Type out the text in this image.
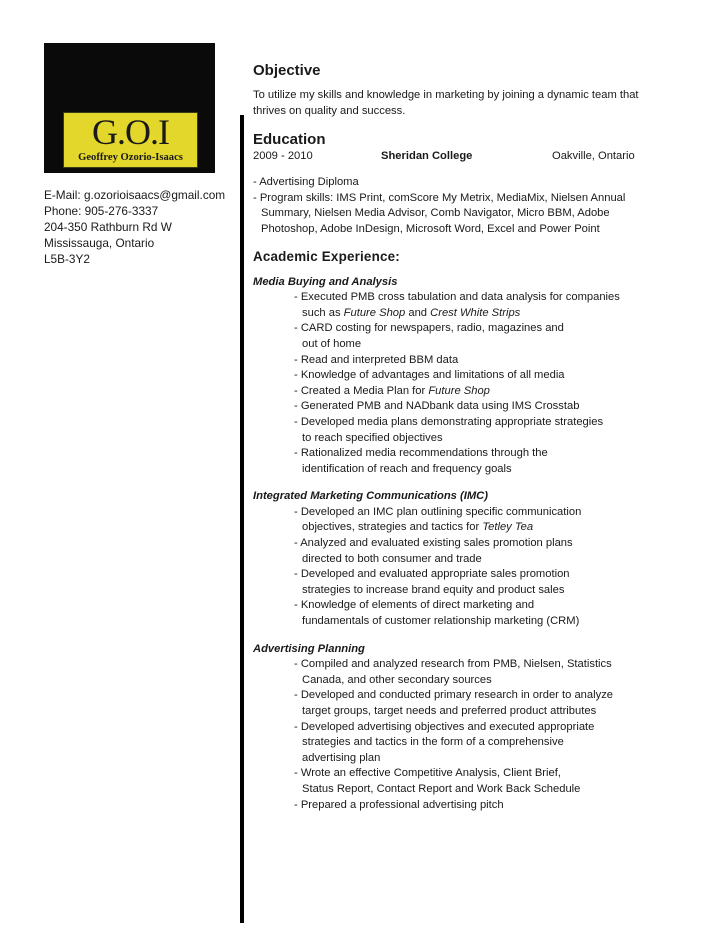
G.O.I
Geoffrey Ozorio-Isaacs
E-Mail: g.ozorioisaacs@gmail.com
Phone: 905-276-3337
204-350 Rathburn Rd W
Mississauga, Ontario
L5B-3Y2
Objective
To utilize my skills and knowledge in marketing by joining a dynamic team that
thrives on quality and success.
Education
2009 - 2010	Sheridan College	Oakville, Ontario
- Advertising Diploma
- Program skills: IMS Print, comScore My Metrix, MediaMix, Nielsen Annual
Summary, Nielsen Media Advisor, Comb Navigator, Micro BBM, Adobe
Photoshop, Adobe InDesign, Microsoft Word, Excel and Power Point
Academic Experience:
Media Buying and Analysis
- Executed PMB cross tabulation and data analysis for companies
such as Future Shop and Crest White Strips
- CARD costing for newspapers, radio, magazines and
out of home
- Read and interpreted BBM data
- Knowledge of advantages and limitations of all media
- Created a Media Plan for Future Shop
- Generated PMB and NADbank data using IMS Crosstab
- Developed media plans demonstrating appropriate strategies
to reach specified objectives
- Rationalized media recommendations through the
identification of reach and frequency goals
Integrated Marketing Communications (IMC)
- Developed an IMC plan outlining specific communication
objectives, strategies and tactics for Tetley Tea
- Analyzed and evaluated existing sales promotion plans
directed to both consumer and trade
- Developed and evaluated appropriate sales promotion
strategies to increase brand equity and product sales
- Knowledge of elements of direct marketing and
fundamentals of customer relationship marketing (CRM)
Advertising Planning
- Compiled and analyzed research from PMB, Nielsen, Statistics
Canada, and other secondary sources
- Developed and conducted primary research in order to analyze
target groups, target needs and preferred product attributes
- Developed advertising objectives and executed appropriate
strategies and tactics in the form of a comprehensive
advertising plan
- Wrote an effective Competitive Analysis, Client Brief,
Status Report, Contact Report and Work Back Schedule
- Prepared a professional advertising pitch
